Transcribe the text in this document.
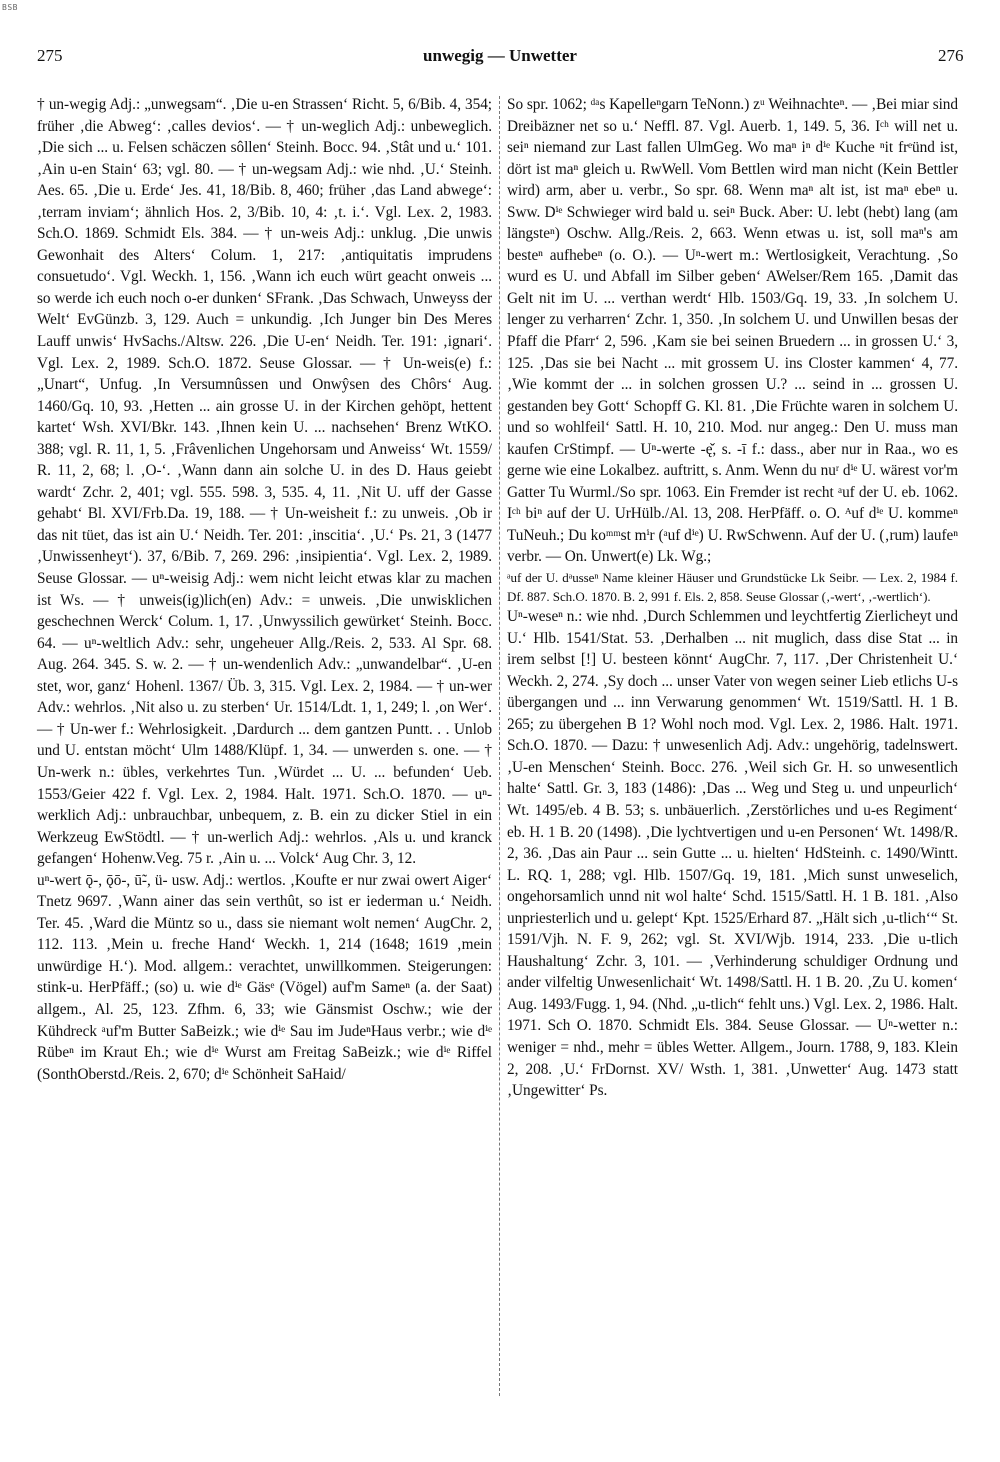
BSB
275	unwegig — Unwetter	276

† un-wegig Adj.: „unwegsam“. ‚Die u-en Strassen‘ Richt. 5, 6/Bib. 4, 354; früher ‚die Abweg‘: ‚calles devios‘. — † un-weglich Adj.: unbeweglich. ‚Die sich ... u. Felsen schäczen sôllen‘ Steinh. Bocc. 94. ‚Stât und u.‘ 101. ‚Ain u-en Stain‘ 63; vgl. 80. — † un-wegsam Adj.: wie nhd. ‚U.‘ Steinh. Aes. 65. ‚Die u. Erde‘ Jes. 41, 18/Bib. 8, 460; früher ‚das Land abwege‘: ‚terram inviam‘; ähnlich Hos. 2, 3/Bib. 10, 4: ‚t. i.‘. Vgl. Lex. 2, 1983. Sch.O. 1869. Schmidt Els. 384. — † un-weis Adj.: unklug. ‚Die unwis Gewonhait des Alters‘ Colum. 1, 217: ‚antiquitatis imprudens consuetudo‘. Vgl. Weckh. 1, 156. ‚Wann ich euch würt geacht onweis ... so werde ich euch noch o-er dunken‘ SFrank. ‚Das Schwach, Unweyss der Welt‘ EvGünzb. 3, 129. Auch = unkundig. ‚Ich Junger bin Des Meres Lauff unwis‘ HvSachs./Altsw. 226. ‚Die U-en‘ Neidh. Ter. 191: ‚ignari‘. Vgl. Lex. 2, 1989. Sch.O. 1872. Seuse Glossar. — † Un-weis(e) f.: „Unart“, Unfug. ‚In Versumnûssen und Onwŷsen des Chôrs‘ Aug. 1460/Gq. 10, 93. ‚Hetten ... ain grosse U. in der Kirchen gehöpt, hettent kartet‘ Wsh. XVI/Bkr. 143. ‚Ihnen kein U. ... nachsehen‘ Brenz WtKO. 388; vgl. R. 11, 1, 5. ‚Frâvenlichen Ungehorsam und Anweiss‘ Wt. 1559/ R. 11, 2, 68; l. ‚O-‘. ‚Wann dann ain solche U. in des D. Haus geiebt wardt‘ Zchr. 2, 401; vgl. 555. 598. 3, 535. 4, 11. ‚Nit U. uff der Gasse gehabt‘ Bl. XVI/Frb.Da. 19, 188. — † Un-weisheit f.: zu unweis. ‚Ob ir das nit tüet, das ist ain U.‘ Neidh. Ter. 201: ‚inscitia‘. ‚U.‘ Ps. 21, 3 (1477 ‚Unwissenheyt‘). 37, 6/Bib. 7, 269. 296: ‚insipientia‘. Vgl. Lex. 2, 1989. Seuse Glossar. — uⁿ-weisig Adj.: wem nicht leicht etwas klar zu machen ist Ws. — † unweis(ig)lich(en) Adv.: = unweis. ‚Die unwisklichen geschechnen Werck‘ Colum. 1, 17. ‚Unwyssilich gewürket‘ Steinh. Bocc. 64. — uⁿ-weltlich Adv.: sehr, ungeheuer Allg./Reis. 2, 533. Al Spr. 68. Aug. 264. 345. S. w. 2. — † un-wendenlich Adv.: „unwandelbar“. ‚U-en stet, wor, ganz‘ Hohenl. 1367/ Üb. 3, 315. Vgl. Lex. 2, 1984. — † un-wer Adv.: wehrlos. ‚Nit also u. zu sterben‘ Ur. 1514/Ldt. 1, 1, 249; l. ‚on Wer‘. — † Un-wer f.: Wehrlosigkeit. ‚Dardurch ... dem gantzen Puntt. . . Unlob und U. entstan möcht‘ Ulm 1488/Klüpf. 1, 34. — unwerden s. one. — † Un-werk n.: übles, verkehrtes Tun. ‚Würdet ... U. ... befunden‘ Ueb. 1553/Geier 422 f. Vgl. Lex. 2, 1984. Halt. 1971. Sch.O. 1870. — uⁿ-werklich Adj.: unbrauchbar, unbequem, z. B. ein zu dicker Stiel in ein Werkzeug EwStödtl. — † un-werlich Adj.: wehrlos. ‚Als u. und kranck gefangen‘ Hohenw.Veg. 75 r. ‚Ain u. ... Volck‘ Aug Chr. 3, 12.

uⁿ-wert ǭ-, ǭō-, ū̃-, ü- usw. Adj.: wertlos. ‚Koufte er nur zwai owert Aiger‘ Tnetz 9697. ‚Wann ainer das sein verthût, so ist er iederman u.‘ Neidh. Ter. 45. ‚Ward die Müntz so u., dass sie niemant wolt nemen‘ AugChr. 2, 112. 113. ‚Mein u. freche Hand‘ Weckh. 1, 214 (1648; 1619 ‚mein unwürdige H.‘). Mod. allgem.: verachtet, unwillkommen. Steigerungen: stink-u. HerPfäff.; (so) u. wie dⁱᵉ Gäsᵉ (Vögel) auf'm Sameⁿ (a. der Saat) allgem., Al. 25, 123. Zfhm. 6, 33; wie Gänsmist Oschw.; wie der Kühdreck ᵃuf'm Butter SaBeizk.; wie dⁱᵉ Sau im JudeⁿHaus verbr.; wie dⁱᵉ Rübeⁿ im Kraut Eh.; wie dⁱᵉ Wurst am Freitag SaBeizk.; wie dⁱᵉ Riffel (SonthOberstd./Reis. 2, 670; dⁱᵉ Schönheit SaHaid/

So spr. 1062; ᵈᵃs Kapelleⁿgarn TeNonn.) zᵘ Weihnachteⁿ. — ‚Bei miar sind Dreibäzner net so u.‘ Neffl. 87. Vgl. Auerb. 1, 149. 5, 36. Iᶜʰ will net u. seiⁿ niemand zur Last fallen UlmGeg. Wo maⁿ iⁿ dⁱᵉ Kuche ⁿit frᵉünd ist, dört ist maⁿ gleich u. RwWell. Vom Bettlen wird man nicht (Kein Bettler wird) arm, aber u. verbr., So spr. 68. Wenn maⁿ alt ist, ist maⁿ ebeⁿ u. Sww. Dⁱᵉ Schwieger wird bald u. seiⁿ Buck. Aber: U. lebt (hebt) lang (am längsteⁿ) Oschw. Allg./Reis. 2, 663. Wenn etwas u. ist, soll maⁿ's am besteⁿ aufhebeⁿ (o. O.). — Uⁿ-wert m.: Wertlosigkeit, Verachtung. ‚So wurd es U. und Abfall im Silber geben‘ AWelser/Rem 165. ‚Damit das Gelt nit im U. ... verthan werdt‘ Hlb. 1503/Gq. 19, 33. ‚In solchem U. lenger zu verharren‘ Zchr. 1, 350. ‚In solchem U. und Unwillen besas der Pfaff die Pfarr‘ 2, 596. ‚Kam sie bei seinen Bruedern ... in grossen U.‘ 3, 125. ‚Das sie bei Nacht ... mit grossem U. ins Closter kammen‘ 4, 77. ‚Wie kommt der ... in solchen grossen U.? ... seind in ... grossen U. gestanden bey Gott‘ Schopff G. Kl. 81. ‚Die Früchte waren in solchem U. und so wohlfeil‘ Sattl. H. 10, 210. Mod. nur angeg.: Den U. muss man kaufen CrStimpf. — Uⁿ-werte -ę̌, s. -ī f.: dass., aber nur in Raa., wo es gerne wie eine Lokalbez. auftritt, s. Anm. Wenn du nuʳ dⁱᵉ U. wärest vor'm Gatter Tu Wurml./So spr. 1063. Ein Fremder ist recht ᵃuf der U. eb. 1062. Iᶜʰ biⁿ auf der U. UrHülb./Al. 13, 208. HerPfäff. o. O. ᴬuf dⁱᵉ U. kommeⁿ TuNeuh.; Du koᵐᵐst mⁱr (ᵃuf dⁱᵉ) U. RwSchwenn. Auf der U. (‚rum) laufeⁿ verbr. — On. Unwert(e) Lk. Wg.;

ᵃuf der U. dᵃusseⁿ Name kleiner Häuser und Grundstücke Lk Seibr. — Lex. 2, 1984 f. Df. 887. Sch.O. 1870. B. 2, 991 f. Els. 2, 858. Seuse Glossar (‚-wert‘, ‚-wertlich‘).

Uⁿ-weseⁿ n.: wie nhd. ‚Durch Schlemmen und leychtfertig Zierlicheyt und U.‘ Hlb. 1541/Stat. 53. ‚Derhalben ... nit mugliᴄh, dass dise Stat ... in irem selbst [!] U. besteen könnt‘ AugChr. 7, 117. ‚Der Christenheit U.‘ Weckh. 2, 274. ‚Sy doch ... unser Vater von wegen seiner Lieb etlichs U-s übergangen und ... inn Verwarung genommen‘ Wt. 1519/Sattl. H. 1 B. 265; zu übergehen B 1? Wohl noch mod. Vgl. Lex. 2, 1986. Halt. 1971. Sch.O. 1870. — Dazu: † unwesenlich Adj. Adv.: ungehörig, tadelnswert. ‚U-en Menschen‘ Steinh. Bocc. 276. ‚Weil sich Gr. H. so unwesentlich halte‘ Sattl. Gr. 3, 183 (1486): ‚Das ... Weg und Steg u. und unpeurlich‘ Wt. 1495/eb. 4 B. 53; s. unbäuerlich. ‚Zerstörliches und u-es Regiment‘ eb. H. 1 B. 20 (1498). ‚Die lychtvertigen und u-en Personen‘ Wt. 1498/R. 2, 36. ‚Das ain Paur ... sein Gutte ... u. hielten‘ HdSteinh. c. 1490/Wintt. L. RQ. 1, 288; vgl. Hlb. 1507/Gq. 19, 181. ‚Mich sunst unweselich, ongehorsamlich unnd nit wol halte‘ Schd. 1515/Sattl. H. 1 B. 181. ‚Also unpriesterlich und u. gelept‘ Kpt. 1525/Erhard 87. „Hält sich ‚u-tlich‘“ St. 1591/Vjh. N. F. 9, 262; vgl. St. XVI/Wjb. 1914, 233. ‚Die u-tlich Haushaltung‘ Zchr. 3, 101. — ‚Verhinderung schuldiger Ordnung und ander vilfeltig Unwesenlichait‘ Wt. 1498/Sattl. H. 1 B. 20. ‚Zu U. komen‘ Aug. 1493/Fugg. 1, 94. (Nhd. „u-tlich“ fehlt uns.) Vgl. Lex. 2, 1986. Halt. 1971. Sch O. 1870. Schmidt Els. 384. Seuse Glossar. — Uⁿ-wetter n.: weniger = nhd., mehr = übles Wetter. Allgem., Journ. 1788, 9, 183. Klein 2, 208. ‚U.‘ FrDornst. XV/ Wsth. 1, 381. ‚Unwetter‘ Aug. 1473 statt ‚Ungewitter‘ Ps.
